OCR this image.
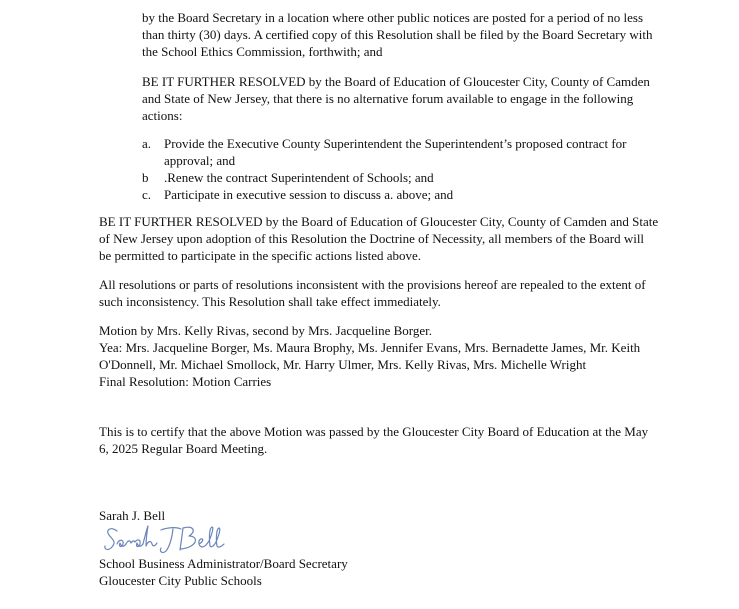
by the Board Secretary in a location where other public notices are posted for a period of no less than thirty (30) days. A certified copy of this Resolution shall be filed by the Board Secretary with the School Ethics Commission, forthwith; and

BE IT FURTHER RESOLVED by the Board of Education of Gloucester City, County of Camden and State of New Jersey, that there is no alternative forum available to engage in the following actions:

a. Provide the Executive County Superintendent the Superintendent’s proposed contract for approval; and
b .Renew the contract Superintendent of Schools; and
c. Participate in executive session to discuss a. above; and

BE IT FURTHER RESOLVED by the Board of Education of Gloucester City, County of Camden and State of New Jersey upon adoption of this Resolution the Doctrine of Necessity, all members of the Board will be permitted to participate in the specific actions listed above.

All resolutions or parts of resolutions inconsistent with the provisions hereof are repealed to the extent of such inconsistency. This Resolution shall take effect immediately.

Motion by Mrs. Kelly Rivas, second by Mrs. Jacqueline Borger.
Yea: Mrs. Jacqueline Borger, Ms. Maura Brophy, Ms. Jennifer Evans, Mrs. Bernadette James, Mr. Keith O'Donnell, Mr. Michael Smollock, Mr. Harry Ulmer, Mrs. Kelly Rivas, Mrs. Michelle Wright
Final Resolution: Motion Carries

This is to certify that the above Motion was passed by the Gloucester City Board of Education at the May 6, 2025 Regular Board Meeting.

Sarah J. Bell
School Business Administrator/Board Secretary
Gloucester City Public Schools
